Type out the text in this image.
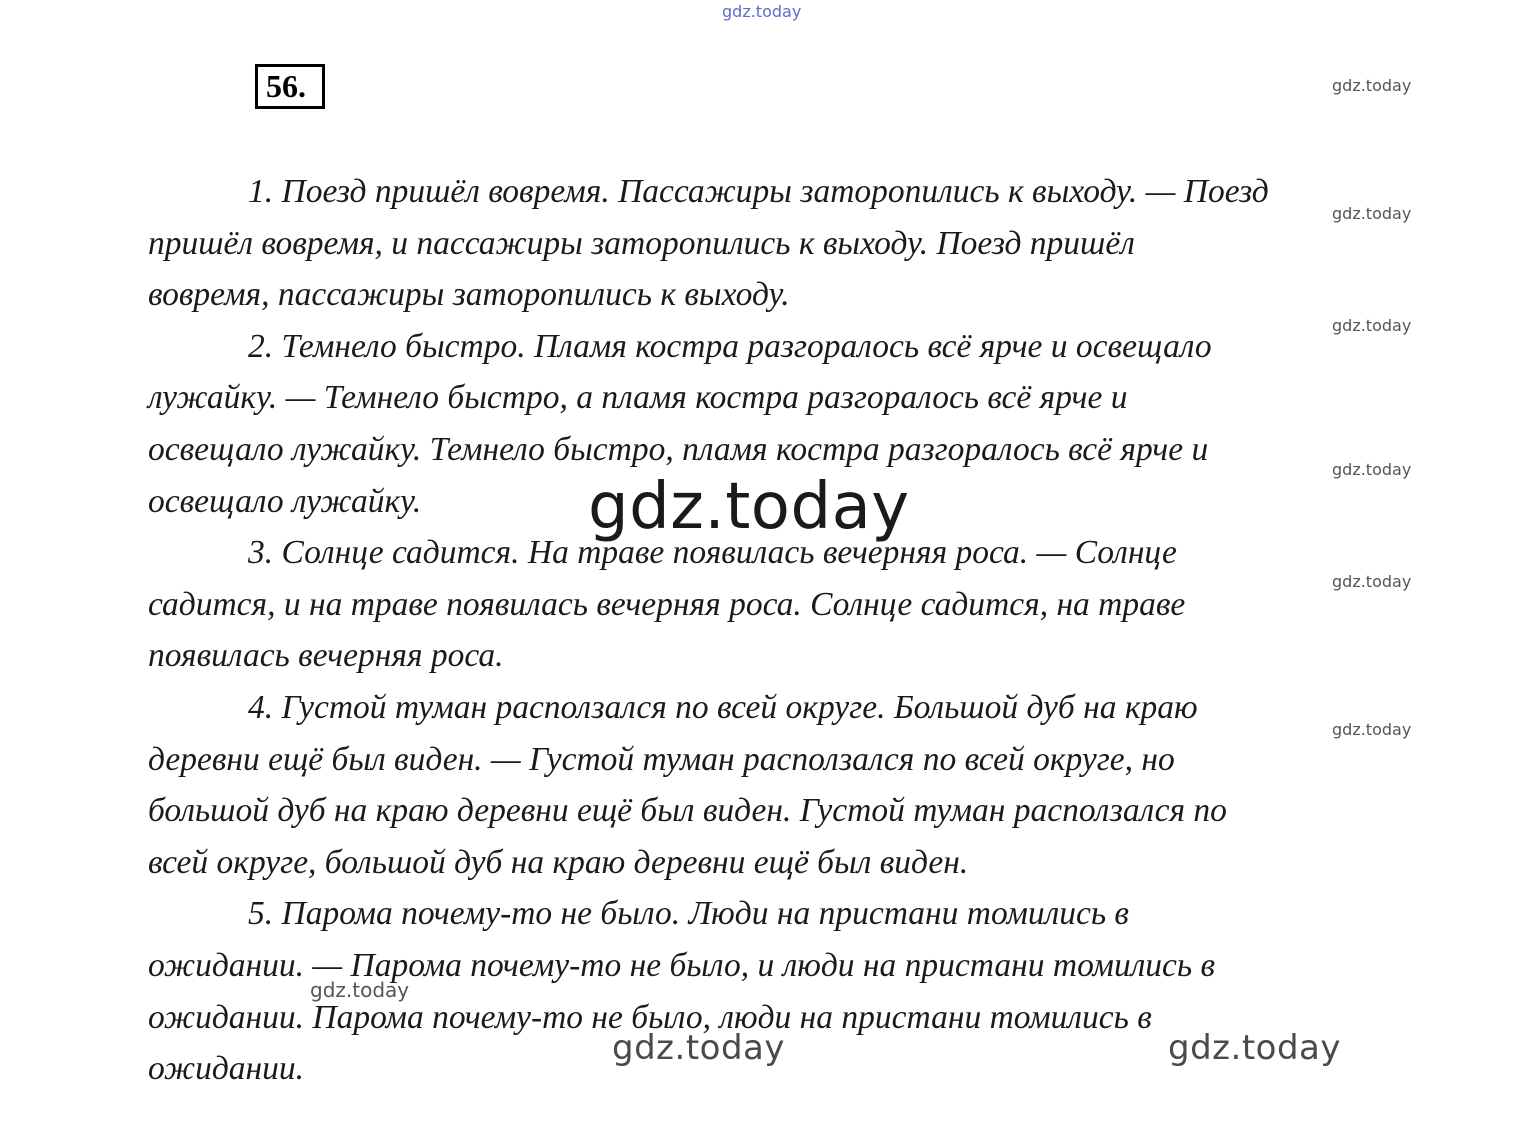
56.
1. Поезд пришёл вовремя. Пассажиры заторопились к выходу. — Поезд
пришёл вовремя, и пассажиры заторопились к выходу. Поезд пришёл
вовремя, пассажиры заторопились к выходу.
2. Темнело быстро. Пламя костра разгоралось всё ярче и освещало
лужайку. — Темнело быстро, а пламя костра разгоралось всё ярче и
освещало лужайку. Темнело быстро, пламя костра разгоралось всё ярче и
освещало лужайку.
3. Солнце садится. На траве появилась вечерняя роса. — Солнце
садится, и на траве появилась вечерняя роса. Солнце садится, на траве
появилась вечерняя роса.
4. Густой туман расползался по всей округе. Большой дуб на краю
деревни ещё был виден. — Густой туман расползался по всей округе, но
большой дуб на краю деревни ещё был виден. Густой туман расползался по
всей округе, большой дуб на краю деревни ещё был виден.
5. Парома почему-то не было. Люди на пристани томились в
ожидании. — Парома почему-то не было, и люди на пристани томились в
ожидании. Парома почему-то не было, люди на пристани томились в
ожидании.
gdz.today
gdz.today
gdz.today
gdz.today
gdz.today
gdz.today
gdz.today
gdz.today
gdz.today
gdz.today	gdz.today
